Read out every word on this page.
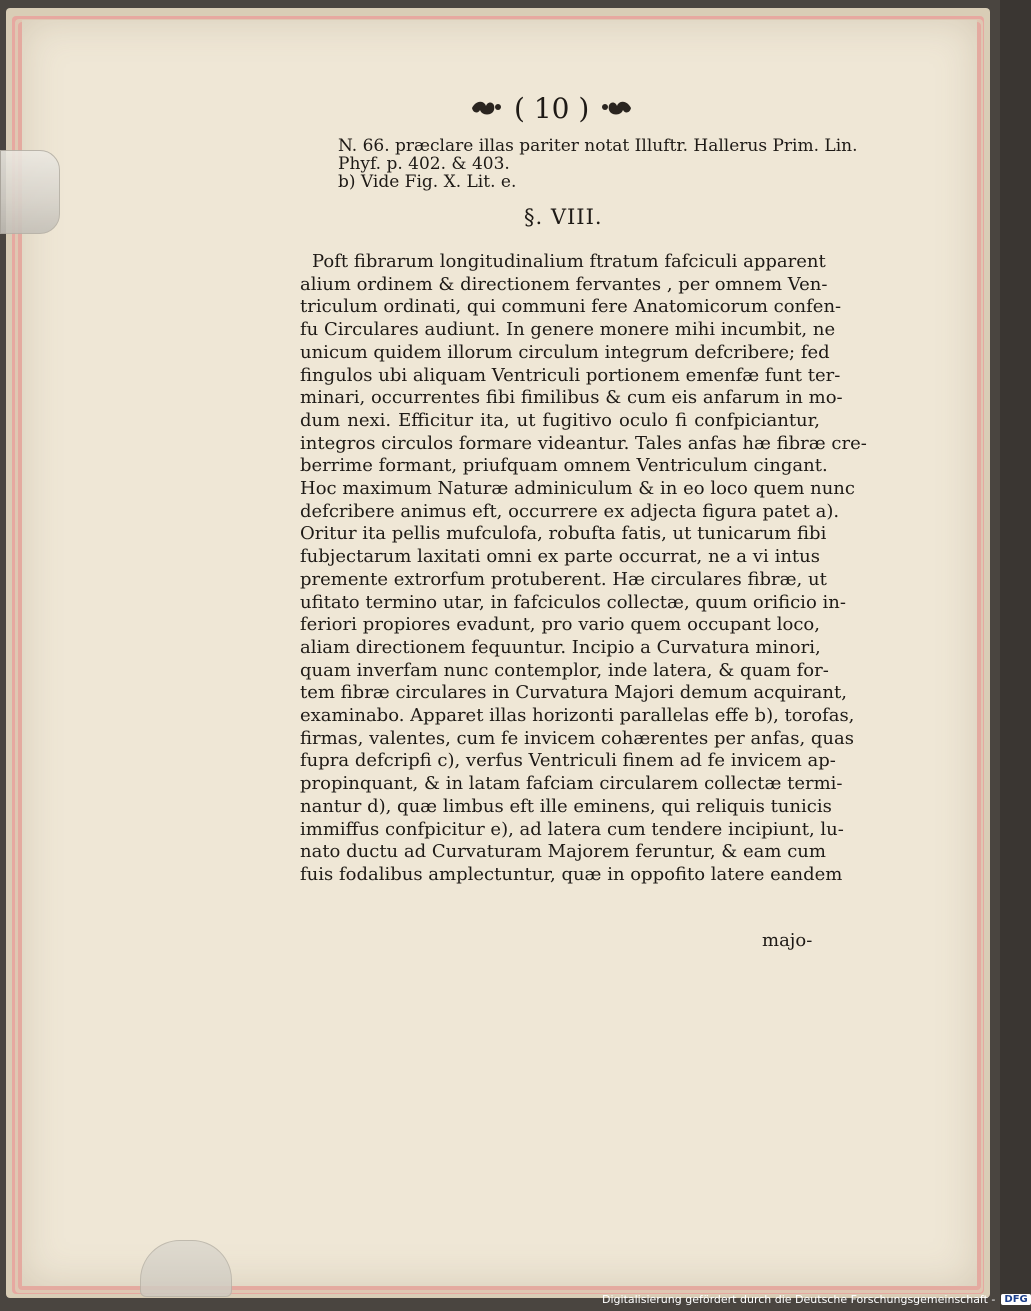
( 10 )
N. 66. præclare illas pariter notat Illuftr. Hallerus Prim. Lin.
Phyf. p. 402. & 403.
b) Vide Fig. X. Lit. e.
§. VIII.
Poft fibrarum longitudinalium ftratum fafciculi apparent
alium ordinem & directionem fervantes , per omnem Ven-
triculum ordinati, qui communi fere Anatomicorum confen-
fu Circulares audiunt. In genere monere mihi incumbit, ne
unicum quidem illorum circulum integrum defcribere; fed
fingulos ubi aliquam Ventriculi portionem emenfæ funt ter-
minari, occurrentes fibi fimilibus & cum eis anfarum in mo-
dum nexi. Efficitur ita, ut fugitivo oculo fi confpiciantur,
integros circulos formare videantur. Tales anfas hæ fibræ cre-
berrime formant, priufquam omnem Ventriculum cingant.
Hoc maximum Naturæ adminiculum & in eo loco quem nunc
defcribere animus eft, occurrere ex adjecta figura patet a).
Oritur ita pellis mufculofa, robufta fatis, ut tunicarum fibi
fubjectarum laxitati omni ex parte occurrat, ne a vi intus
premente extrorfum protuberent. Hæ circulares fibræ, ut
ufitato termino utar, in fafciculos collectæ, quum orificio in-
feriori propiores evadunt, pro vario quem occupant loco,
aliam directionem fequuntur. Incipio a Curvatura minori,
quam inverfam nunc contemplor, inde latera, & quam for-
tem fibræ circulares in Curvatura Majori demum acquirant,
examinabo. Apparet illas horizonti parallelas effe b), torofas,
firmas, valentes, cum fe invicem cohærentes per anfas, quas
fupra defcripfi c), verfus Ventriculi finem ad fe invicem ap-
propinquant, & in latam fafciam circularem collectæ termi-
nantur d), quæ limbus eft ille eminens, qui reliquis tunicis
immiffus confpicitur e), ad latera cum tendere incipiunt, lu-
nato ductu ad Curvaturam Majorem feruntur, & eam cum
fuis fodalibus amplectuntur, quæ in oppofito latere eandem
majo-
Digitalisierung gefördert durch die Deutsche Forschungsgemeinschaft - DFG
